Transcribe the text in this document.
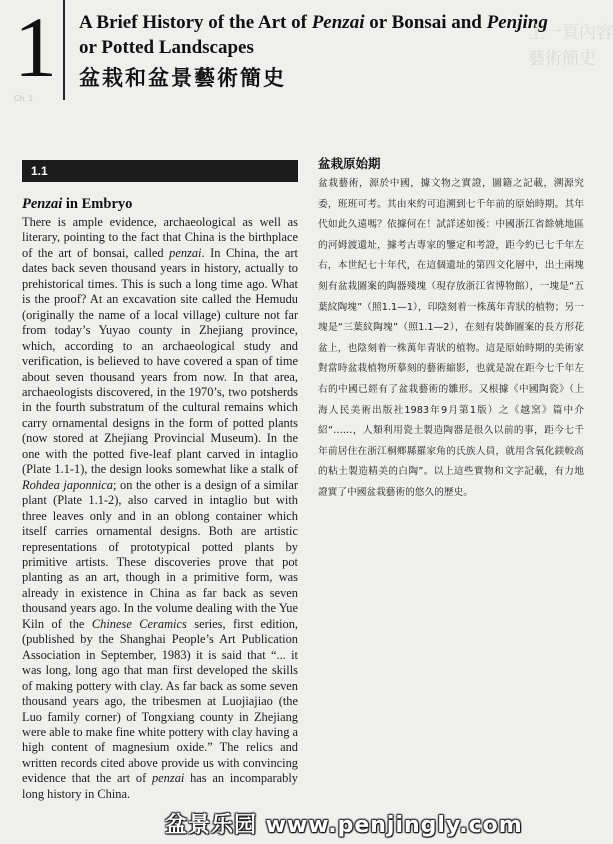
1 A Brief History of the Art of Penzai or Bonsai and Penjing or Potted Landscapes
盆栽和盆景藝術簡史
上一頁內容
藝術簡史
Ch. 1
1.1
Penzai in Embryo
There is ample evidence, archaeological as well as literary, pointing to the fact that China is the birthplace of the art of bonsai, called penzai. In China, the art dates back seven thousand years in history, actually to prehistorical times. This is such a long time ago. What is the proof? At an excavation site called the Hemudu (originally the name of a local village) culture not far from today’s Yuyao county in Zhejiang province, which, according to an archaeological study and verification, is believed to have covered a span of time about seven thousand years from now. In that area, archaeologists discovered, in the 1970’s, two potsherds in the fourth substratum of the cultural remains which carry ornamental designs in the form of potted plants (now stored at Zhejiang Provincial Museum). In the one with the potted five-leaf plant carved in intaglio (Plate 1.1-1), the design looks somewhat like a stalk of Rohdea japonnica; on the other is a design of a similar plant (Plate 1.1-2), also carved in intaglio but with three leaves only and in an oblong container which itself carries ornamental designs. Both are artistic representations of prototypical potted plants by primitive artists. These discoveries prove that pot planting as an art, though in a primitive form, was already in existence in China as far back as seven thousand years ago. In the volume dealing with the Yue Kiln of the Chinese Ceramics series, first edition, (published by the Shanghai People’s Art Publication Association in September, 1983) it is said that “... it was long, long ago that man first developed the skills of making pottery with clay. As far back as some seven thousand years ago, the tribesmen at Luojiajiao (the Luo family corner) of Tongxiang county in Zhejiang were able to make fine white pottery with clay having a high content of magnesium oxide.” The relics and written records cited above provide us with convincing evidence that the art of penzai has an incomparably long history in China.
盆栽原始期
盆栽藝術，源於中國，據文物之實證，圖籍之記載，溯源究委，班班可考。其由來約可追溯到七千年前的原始時期。其年代如此久遠嗎？依據何在！試詳述如後：中國浙江省餘姚地區的河姆渡遺址，據考古專家的鑒定和考證，距今約已七千年左右，本世紀七十年代，在這個遺址的第四文化層中，出土兩塊刻有盆栽圖案的陶器殘塊（現存放浙江省博物館），一塊是“五葉紋陶塊”（照1.1—1），印陰刻着一株萬年青狀的植物；另一塊是“三葉紋陶塊”（照1.1—2），在刻有裝飾圖案的長方形花盆上，也陰刻着一株萬年青狀的植物。這是原始時期的美術家對當時盆栽植物所摹刻的藝術縮影，也就是說在距今七千年左右的中國已經有了盆栽藝術的雛形。又根據《中國陶瓷》（上海人民美術出版社1983年9月第1版）之《越窯》篇中介紹“……，人類利用瓷土製造陶器是很久以前的事，距今七千年前居住在浙江桐鄉縣羅家角的氏族人員，就用含氧化鎂較高的粘土製造精美的白陶”。以上這些實物和文字記載，有力地證實了中國盆栽藝術的悠久的歷史。
盆景乐园 www.penjingly.com
